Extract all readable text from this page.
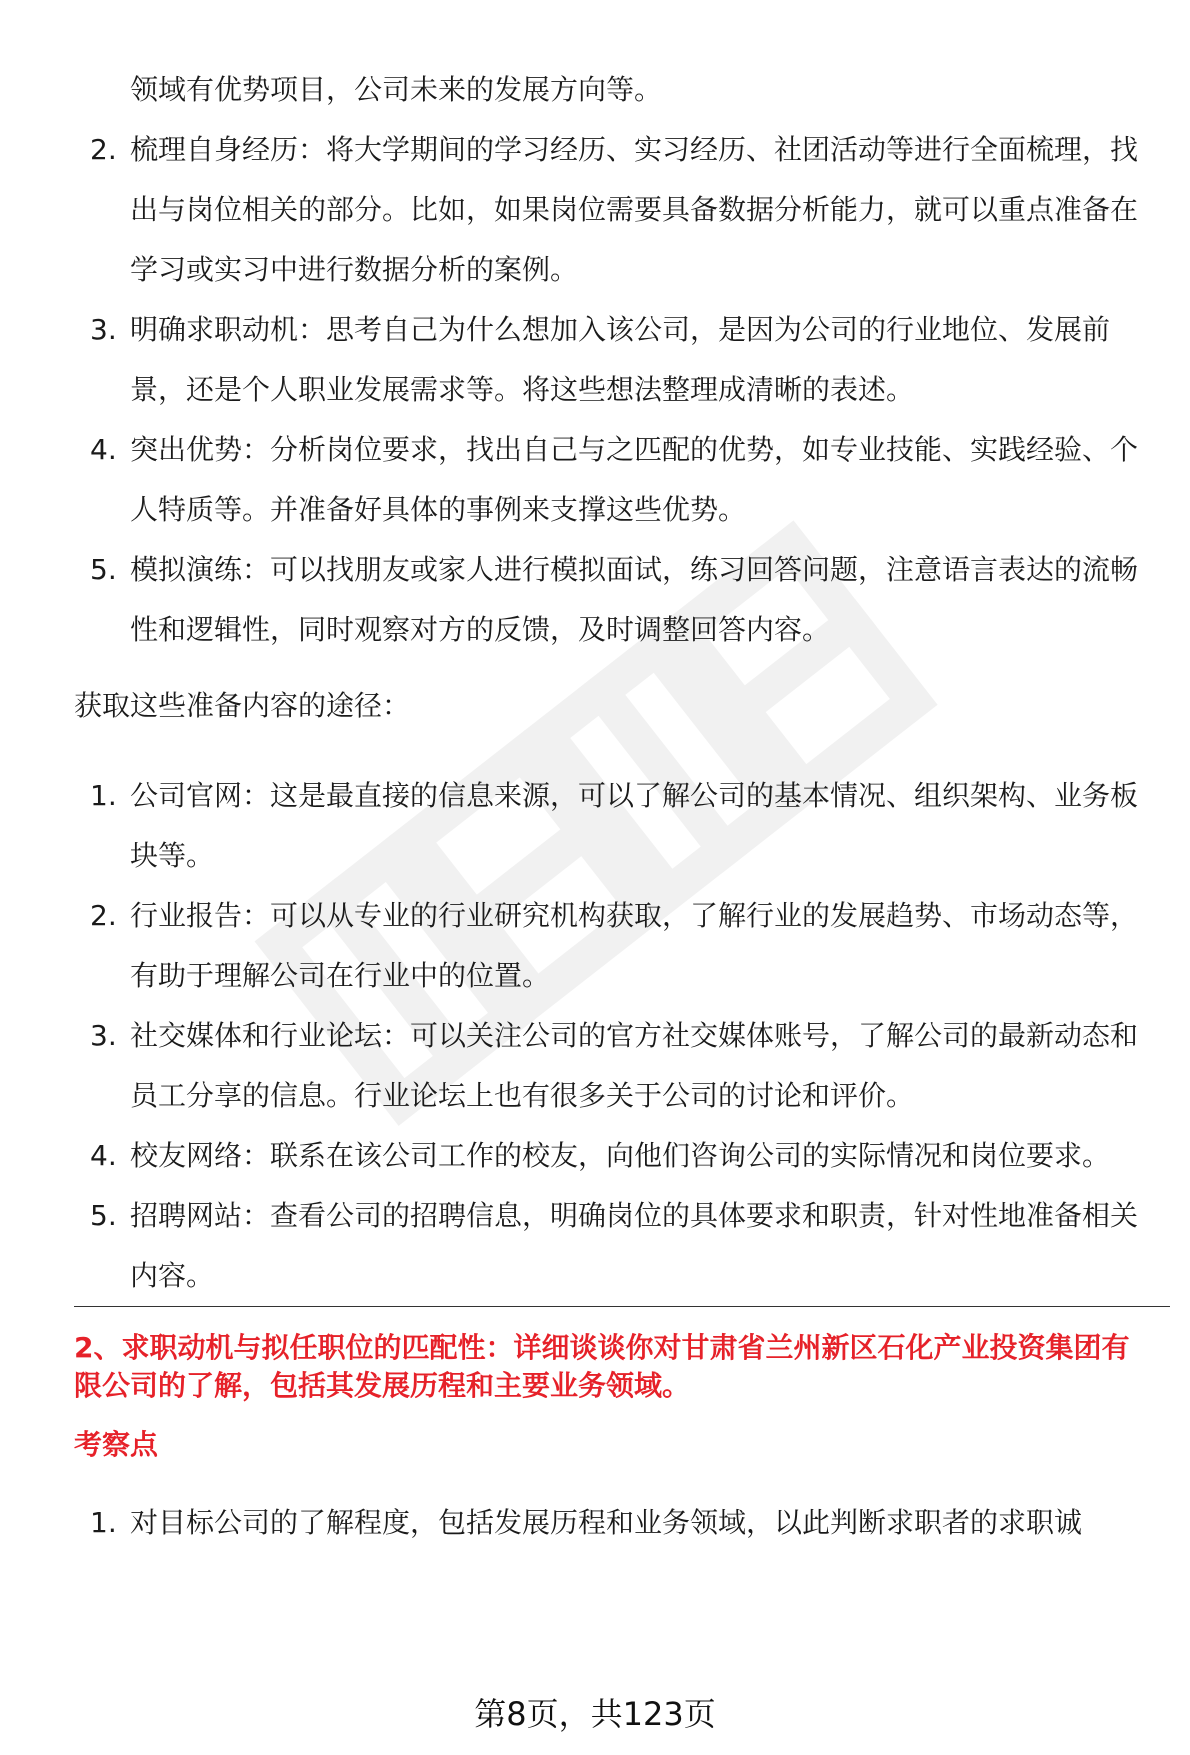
领域有优势项目，公司未来的发展方向等。
2. 梳理自身经历：将大学期间的学习经历、实习经历、社团活动等进行全面梳理，找出与岗位相关的部分。比如，如果岗位需要具备数据分析能力，就可以重点准备在学习或实习中进行数据分析的案例。
3. 明确求职动机：思考自己为什么想加入该公司，是因为公司的行业地位、发展前景，还是个人职业发展需求等。将这些想法整理成清晰的表述。
4. 突出优势：分析岗位要求，找出自己与之匹配的优势，如专业技能、实践经验、个人特质等。并准备好具体的事例来支撑这些优势。
5. 模拟演练：可以找朋友或家人进行模拟面试，练习回答问题，注意语言表达的流畅性和逻辑性，同时观察对方的反馈，及时调整回答内容。
获取这些准备内容的途径：
1. 公司官网：这是最直接的信息来源，可以了解公司的基本情况、组织架构、业务板块等。
2. 行业报告：可以从专业的行业研究机构获取，了解行业的发展趋势、市场动态等，有助于理解公司在行业中的位置。
3. 社交媒体和行业论坛：可以关注公司的官方社交媒体账号，了解公司的最新动态和员工分享的信息。行业论坛上也有很多关于公司的讨论和评价。
4. 校友网络：联系在该公司工作的校友，向他们咨询公司的实际情况和岗位要求。
5. 招聘网站：查看公司的招聘信息，明确岗位的具体要求和职责，针对性地准备相关内容。
2、求职动机与拟任职位的匹配性：详细谈谈你对甘肃省兰州新区石化产业投资集团有限公司的了解，包括其发展历程和主要业务领域。
考察点
1. 对目标公司的了解程度，包括发展历程和业务领域，以此判断求职者的求职诚
第8页，共123页
